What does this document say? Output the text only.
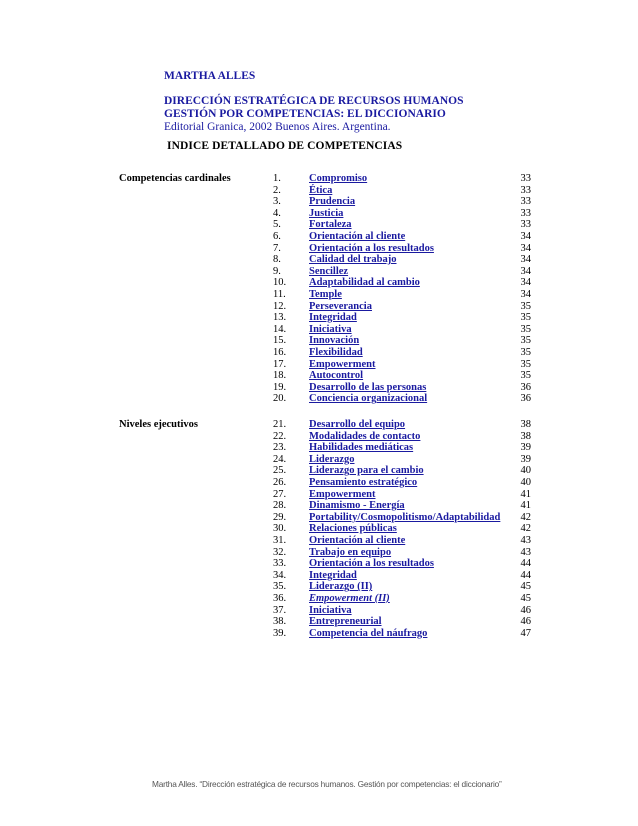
MARTHA ALLES
DIRECCIÓN ESTRATÉGICA DE RECURSOS HUMANOS
GESTIÓN POR COMPETENCIAS: EL DICCIONARIO
Editorial Granica, 2002 Buenos Aires. Argentina.
INDICE DETALLADO DE COMPETENCIAS
Competencias cardinales	1.	Compromiso	33
2.	Ética	33
3.	Prudencia	33
4.	Justicia	33
5.	Fortaleza	33
6.	Orientación al cliente	34
7.	Orientación a los resultados	34
8.	Calidad del trabajo	34
9.	Sencillez	34
10. Adaptabilidad al cambio	34
11. Temple	34
12. Perseverancia	35
13. Integridad	35
14. Iniciativa	35
15. Innovación	35
16. Flexibilidad	35
17. Empowerment	35
18. Autocontrol	35
19. Desarrollo de las personas	36
20. Conciencia organizacional	36
Niveles ejecutivos	21. Desarrollo del equipo	38
22. Modalidades de contacto	38
23. Habilidades mediáticas	39
24. Liderazgo	39
25. Liderazgo para el cambio	40
26. Pensamiento estratégico	40
27. Empowerment	41
28. Dinamismo - Energía	41
29. Portability/Cosmopolitismo/Adaptabilidad 42
30. Relaciones públicas	42
31. Orientación al cliente	43
32. Trabajo en equipo	43
33. Orientación a los resultados	44
34. Integridad	44
35. Liderazgo (II)	45
36. Empowerment (II)	45
37. Iniciativa	46
38. Entrepreneurial	46
39. Competencia del náufrago	47
Martha Alles. “Dirección estratégica de recursos humanos. Gestión por competencias: el diccionario”
